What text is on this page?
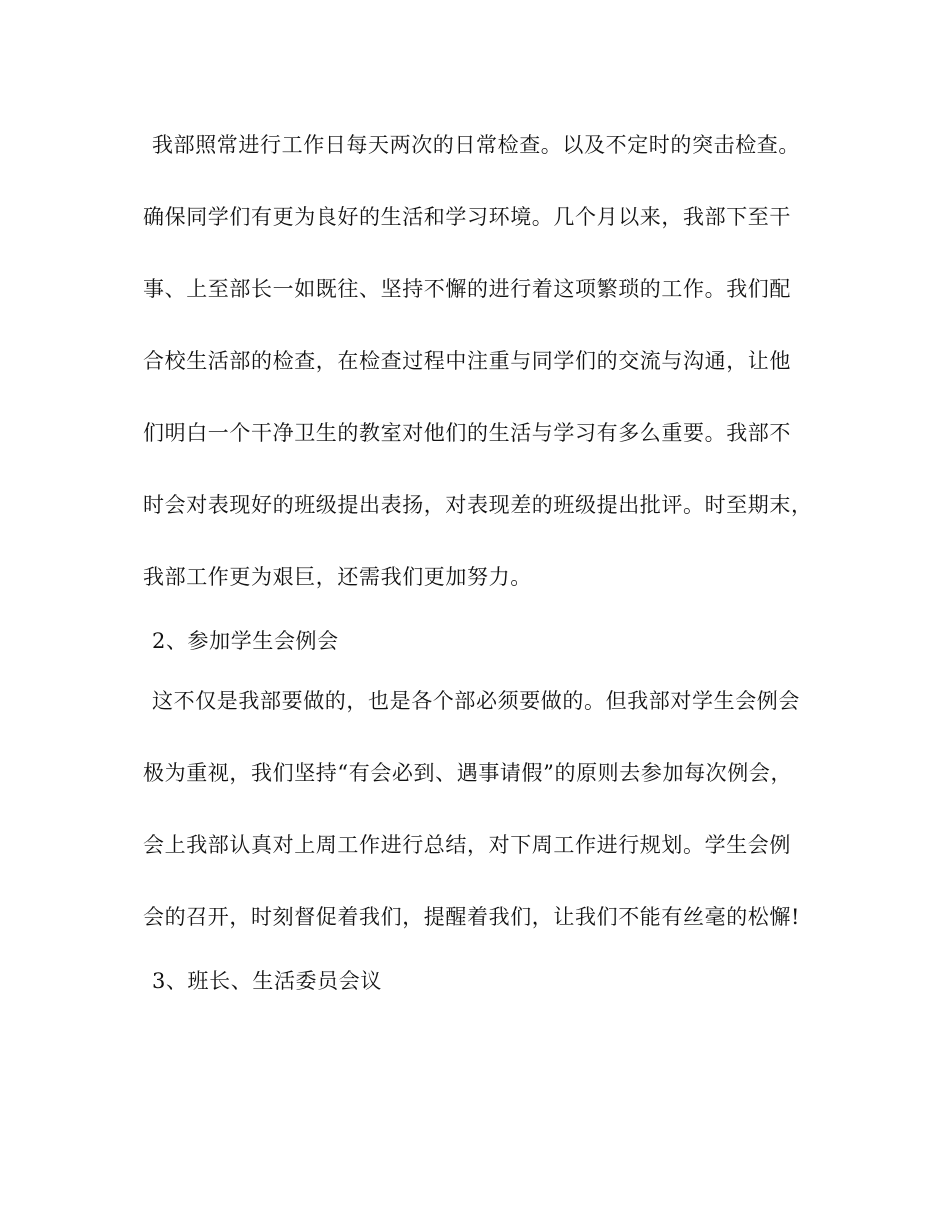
我部照常进行工作日每天两次的日常检查。以及不定时的突击检查。
确保同学们有更为良好的生活和学习环境。几个月以来，我部下至干
事、上至部长一如既往、坚持不懈的进行着这项繁琐的工作。我们配
合校生活部的检查，在检查过程中注重与同学们的交流与沟通，让他
们明白一个干净卫生的教室对他们的生活与学习有多么重要。我部不
时会对表现好的班级提出表扬，对表现差的班级提出批评。时至期末，
我部工作更为艰巨，还需我们更加努力。
2、参加学生会例会
这不仅是我部要做的，也是各个部必须要做的。但我部对学生会例会
极为重视，我们坚持“有会必到、遇事请假”的原则去参加每次例会，
会上我部认真对上周工作进行总结，对下周工作进行规划。学生会例
会的召开，时刻督促着我们，提醒着我们，让我们不能有丝毫的松懈!
3、班长、生活委员会议
